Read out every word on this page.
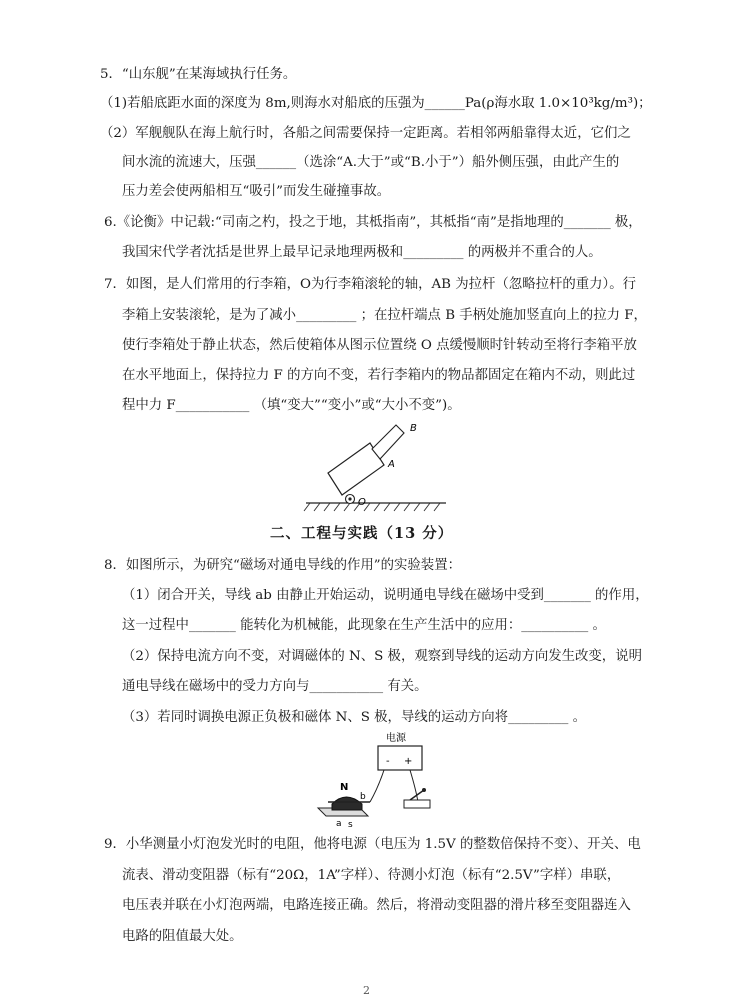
5．“山东舰”在某海域执行任务。
（1)若船底距水面的深度为 8m,则海水对船底的压强为______Pa(ρ海水取 1.0×10³kg/m³)；
（2）军舰舰队在海上航行时，各船之间需要保持一定距离。若相邻两船靠得太近，它们之
间水流的流速大，压强______（选涂“A.大于”或“B.小于”）船外侧压强，由此产生的
压力差会使两船相互“吸引”而发生碰撞事故。
6.《论衡》中记载:“司南之杓，投之于地，其柢指南”，其柢指“南”是指地理的_______ 极，
我国宋代学者沈括是世界上最早记录地理两极和_________ 的两极并不重合的人。
7．如图，是人们常用的行李箱，O为行李箱滚轮的轴，AB 为拉杆（忽略拉杆的重力）。行
李箱上安装滚轮，是为了减小_________ ；在拉杆端点 B 手柄处施加竖直向上的拉力 F，
使行李箱处于静止状态，然后使箱体从图示位置绕 O 点缓慢顺时针转动至将行李箱平放
在水平地面上，保持拉力 F 的方向不变，若行李箱内的物品都固定在箱内不动，则此过
程中力 F___________ （填“变大”“变小”或“大小不变”)。
B
A
O
二、工程与实践（13 分）
8．如图所示，为研究“磁场对通电导线的作用”的实验装置：
（1）闭合开关，导线 ab 由静止开始运动，说明通电导线在磁场中受到_______ 的作用，
这一过程中_______ 能转化为机械能，此现象在生产生活中的应用：__________ 。
（2）保持电流方向不变，对调磁体的 N、S 极，观察到导线的运动方向发生改变，说明
通电导线在磁场中的受力方向与___________ 有关。
（3）若同时调换电源正负极和磁体 N、S 极，导线的运动方向将_________ 。
电源
- +
N
b
a s
9．小华测量小灯泡发光时的电阻，他将电源（电压为 1.5V 的整数倍保持不变）、开关、电
流表、滑动变阻器（标有“20Ω，1A”字样）、待测小灯泡（标有“2.5V”字样）串联，
电压表并联在小灯泡两端，电路连接正确。然后，将滑动变阻器的滑片移至变阻器连入
电路的阻值最大处。
2
